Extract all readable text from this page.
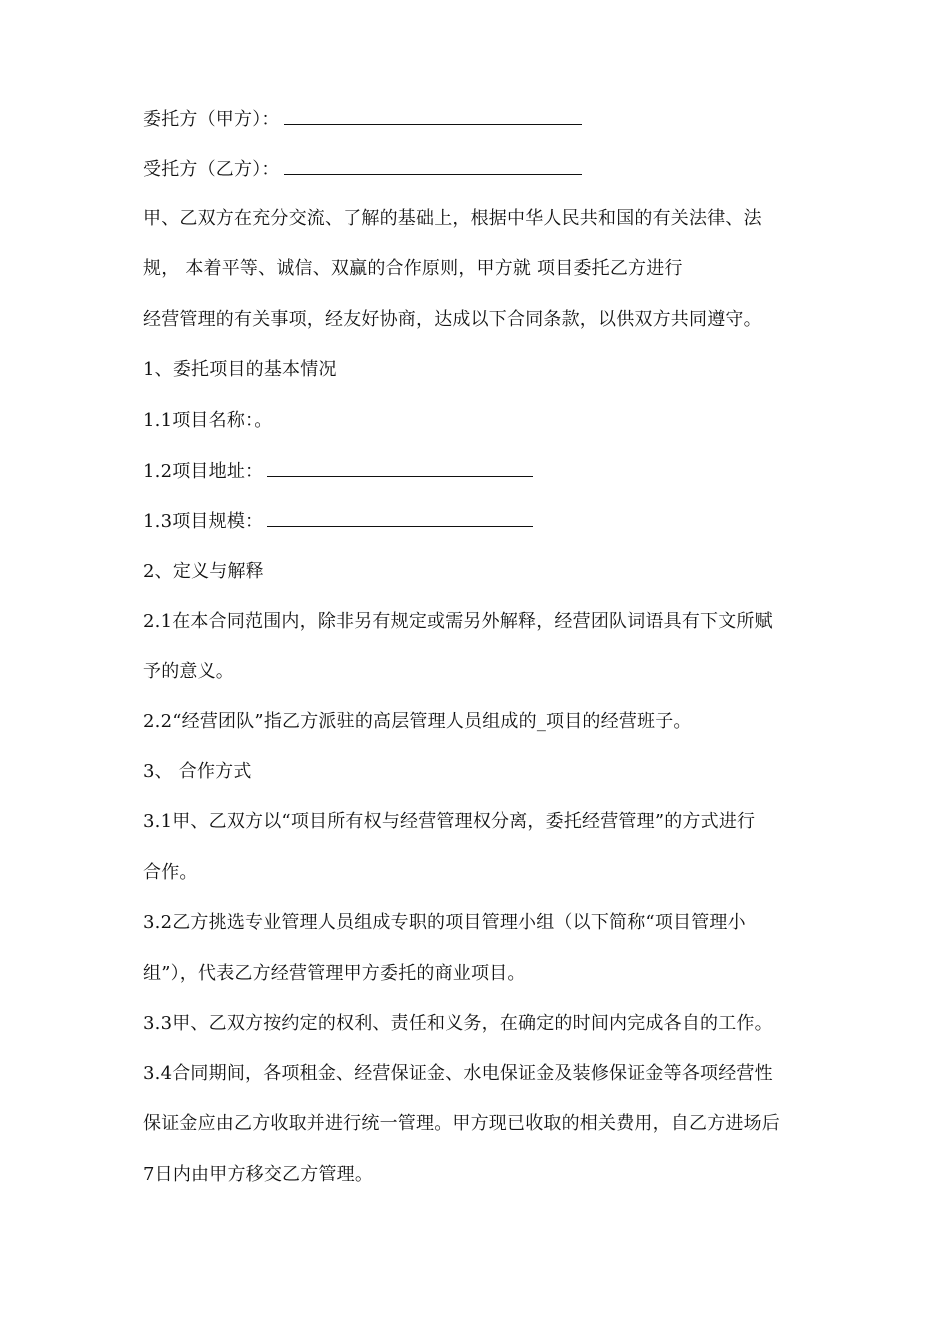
委托方（甲方）：
受托方（乙方）：
甲、乙双方在充分交流、了解的基础上，根据中华人民共和国的有关法律、法
规， 本着平等、诚信、双赢的合作原则，甲方就 项目委托乙方进行
经营管理的有关事项，经友好协商，达成以下合同条款，以供双方共同遵守。
1、委托项目的基本情况
1.1项目名称：。
1.2项目地址：
1.3项目规模：
2、定义与解释
2.1在本合同范围内，除非另有规定或需另外解释，经营团队词语具有下文所赋
予的意义。
2.2“经营团队”指乙方派驻的高层管理人员组成的_项目的经营班子。
3、 合作方式
3.1甲、乙双方以“项目所有权与经营管理权分离，委托经营管理”的方式进行
合作。
3.2乙方挑选专业管理人员组成专职的项目管理小组（以下简称“项目管理小
组”），代表乙方经营管理甲方委托的商业项目。
3.3甲、乙双方按约定的权利、责任和义务，在确定的时间内完成各自的工作。
3.4合同期间，各项租金、经营保证金、水电保证金及装修保证金等各项经营性
保证金应由乙方收取并进行统一管理。甲方现已收取的相关费用，自乙方进场后
7日内由甲方移交乙方管理。
